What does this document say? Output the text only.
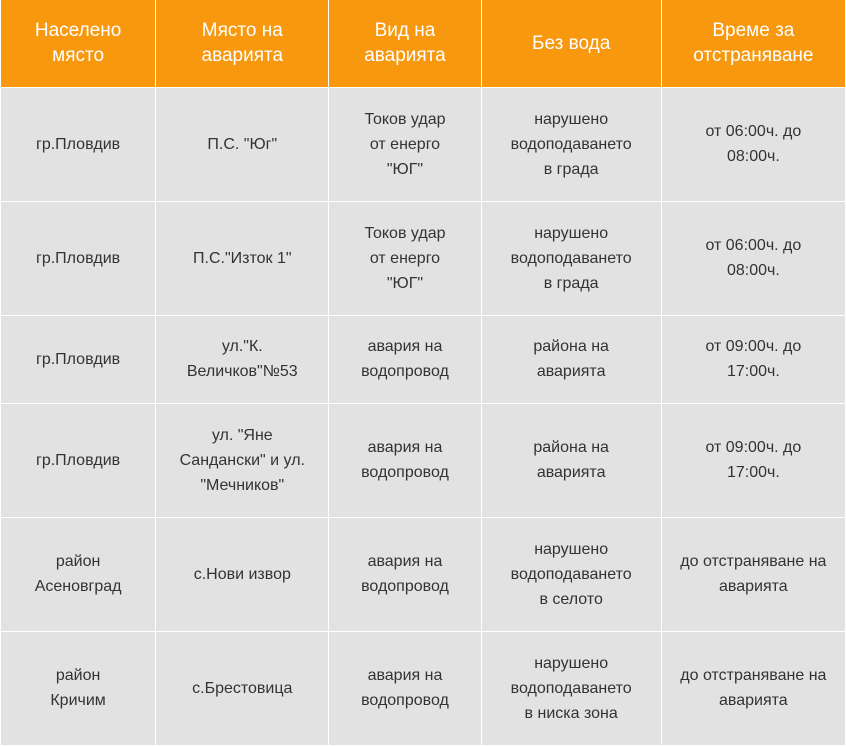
Населено място	Място на аварията	Вид на аварията	Без вода	Време за отстраняване

гр.Пловдив	П.С. "Юг"	Токов удар от енерго "ЮГ"	нарушено водоподаването в града	от 06:00ч. до 08:00ч.

гр.Пловдив	П.С."Изток 1"	Токов удар от енерго "ЮГ"	нарушено водоподаването в града	от 06:00ч. до 08:00ч.

гр.Пловдив	ул."К. Величков"№53	авария на водопровод	района на аварията	от 09:00ч. до 17:00ч.

гр.Пловдив	ул. "Яне Сандански" и ул. "Мечников"	авария на водопровод	района на аварията	от 09:00ч. до 17:00ч.

район Асеновград	с.Нови извор	авария на водопровод	нарушено водоподаването в селото	до отстраняване на аварията

район Кричим	с.Брестовица	авария на водопровод	нарушено водоподаването в ниска зона	до отстраняване на аварията
